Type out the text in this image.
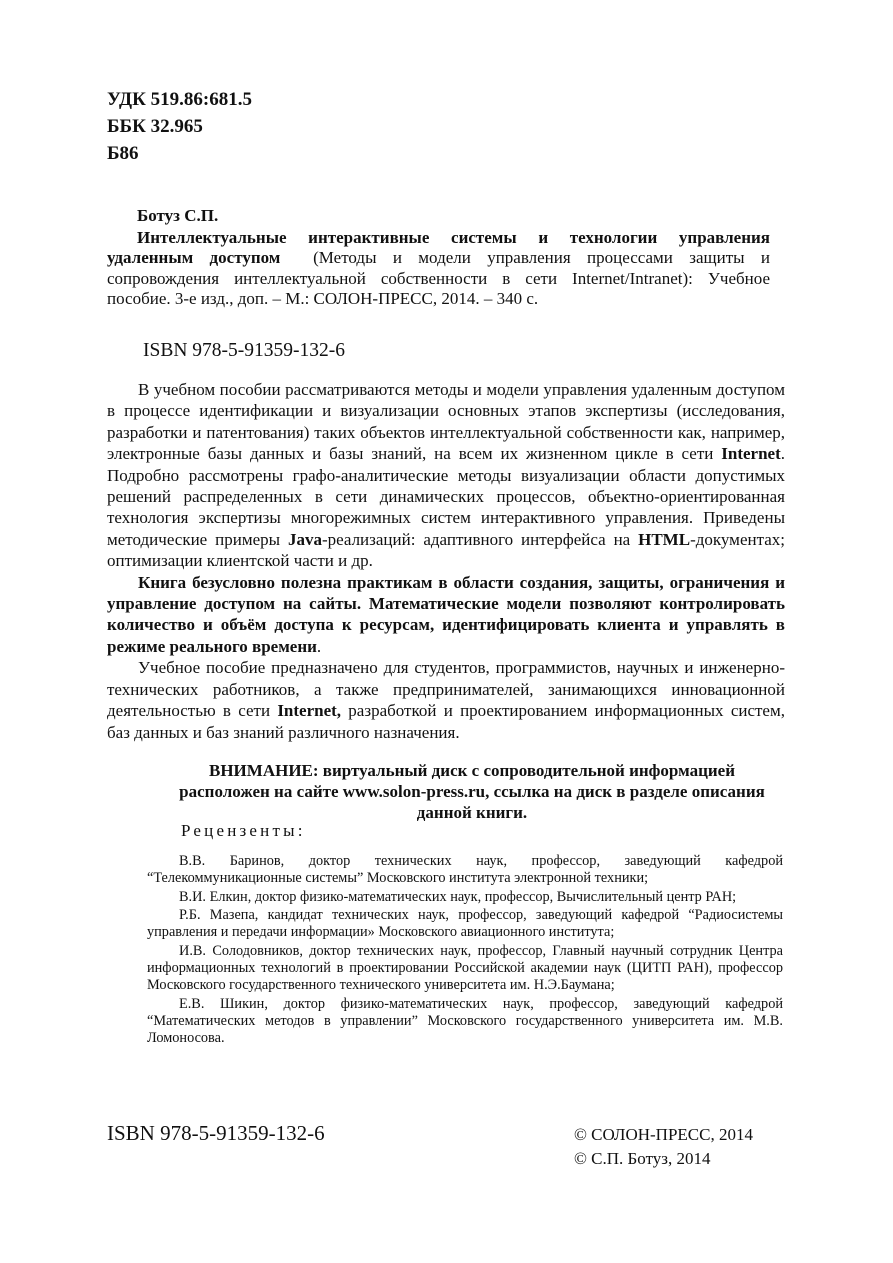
УДК 519.86:681.5
ББК 32.965
Б86
Ботуз С.П.

Интеллектуальные интерактивные системы и технологии управления удаленным доступом (Методы и модели управления процессами защиты и сопровождения интеллектуальной собственности в сети Internet/Intranet): Учебное пособие. 3-е изд., доп. – М.: СОЛОН-ПРЕСС, 2014. – 340 с.

ISBN 978-5-91359-132-6

В учебном пособии рассматриваются методы и модели управления удаленным доступом в процессе идентификации и визуализации основных этапов экспертизы (исследования, разработки и патентования) таких объектов интеллектуальной собственности как, например, электронные базы данных и базы знаний, на всем их жизненном цикле в сети Internet. Подробно рассмотрены графо-аналитические методы визуализации области допустимых решений распределенных в сети динамических процессов, объектно-ориентированная технология экспертизы многорежимных систем интерактивного управления. Приведены методические примеры Java-реализаций: адаптивного интерфейса на HTML-документах; оптимизации клиентской части и др.

Книга безусловно полезна практикам в области создания, защиты, ограничения и управление доступом на сайты. Математические модели позволяют контролировать количество и объём доступа к ресурсам, идентифицировать клиента и управлять в режиме реального времени.

Учебное пособие предназначено для студентов, программистов, научных и инженерно-технических работников, а также предпринимателей, занимающихся инновационной деятельностью в сети Internet, разработкой и проектированием информационных систем, баз данных и баз знаний различного назначения.

ВНИМАНИЕ: виртуальный диск с сопроводительной информацией расположен на сайте www.solon-press.ru, ссылка на диск в разделе описания данной книги.
Рецензенты:

В.В. Баринов, доктор технических наук, профессор, заведующий кафедрой “Телекоммуникационные системы” Московского института электронной техники;

В.И. Елкин, доктор физико-математических наук, профессор, Вычислительный центр РАН;

Р.Б. Мазепа, кандидат технических наук, профессор, заведующий кафедрой “Радиосистемы управления и передачи информации» Московского авиационного института;

И.В. Солодовников, доктор технических наук, профессор, Главный научный сотрудник Центра информационных технологий в проектировании Российской академии наук (ЦИТП РАН), профессор Московского государственного технического университета им. Н.Э.Баумана;

Е.В. Шикин, доктор физико-математических наук, профессор, заведующий кафедрой “Математических методов в управлении” Московского государственного университета им. М.В. Ломоносова.

ISBN 978-5-91359-132-6	© СОЛОН-ПРЕСС, 2014
© С.П. Ботуз, 2014
